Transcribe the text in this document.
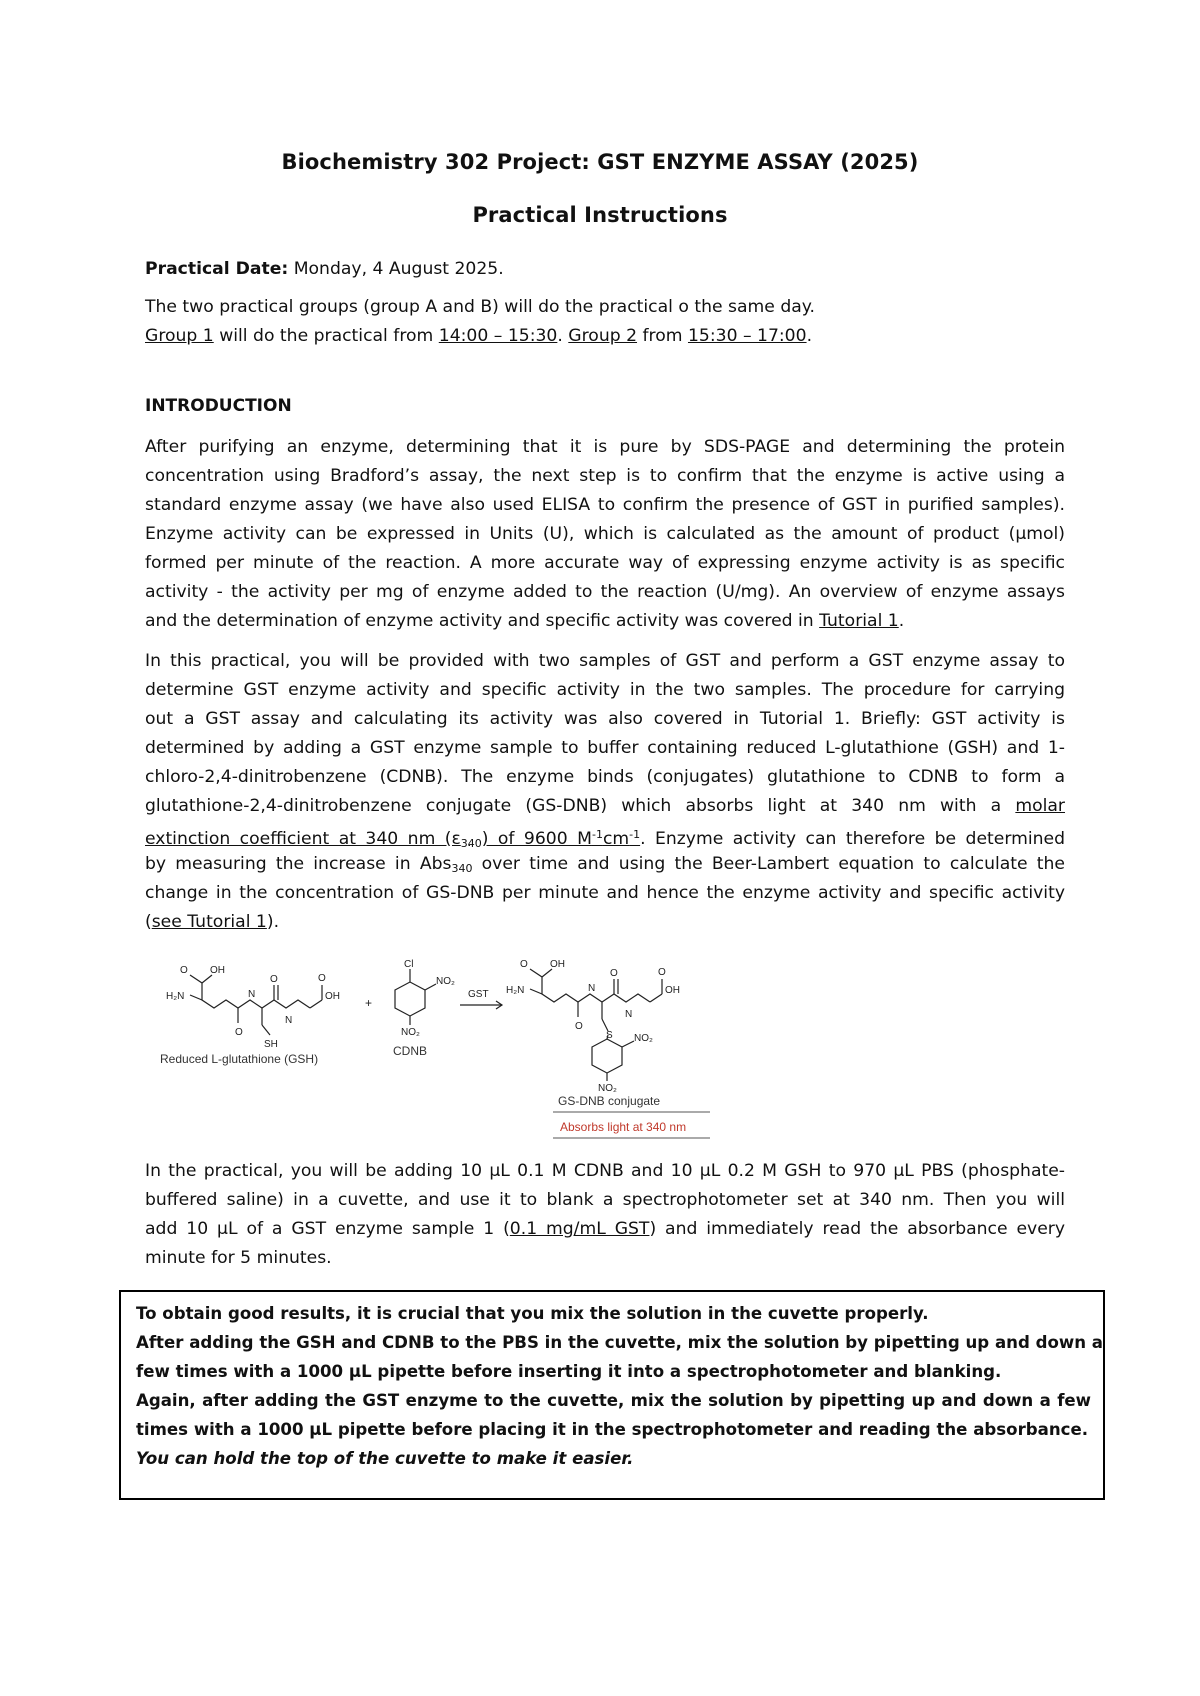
Biochemistry 302 Project: GST ENZYME ASSAY (2025)
Practical Instructions
Practical Date: Monday, 4 August 2025.
The two practical groups (group A and B) will do the practical o the same day.
Group 1 will do the practical from 14:00 – 15:30. Group 2 from 15:30 – 17:00.
INTRODUCTION
After purifying an enzyme, determining that it is pure by SDS-PAGE and determining the protein
concentration using Bradford’s assay, the next step is to confirm that the enzyme is active using a
standard enzyme assay (we have also used ELISA to confirm the presence of GST in purified samples).
Enzyme activity can be expressed in Units (U), which is calculated as the amount of product (µmol)
formed per minute of the reaction. A more accurate way of expressing enzyme activity is as specific
activity - the activity per mg of enzyme added to the reaction (U/mg). An overview of enzyme assays
and the determination of enzyme activity and specific activity was covered in Tutorial 1.
In this practical, you will be provided with two samples of GST and perform a GST enzyme assay to
determine GST enzyme activity and specific activity in the two samples. The procedure for carrying
out a GST assay and calculating its activity was also covered in Tutorial 1. Briefly: GST activity is
determined by adding a GST enzyme sample to buffer containing reduced L-glutathione (GSH) and 1-
chloro-2,4-dinitrobenzene (CDNB). The enzyme binds (conjugates) glutathione to CDNB to form a
glutathione-2,4-dinitrobenzene conjugate (GS-DNB) which absorbs light at 340 nm with a molar
extinction coefficient at 340 nm $(\varepsilon_{340})$ of 9600 $M^{-1}cm^{-1}$. Enzyme activity can therefore be determined
by measuring the increase in Abs$_{340}$ over time and using the Beer-Lambert equation to calculate the
change in the concentration of GS-DNB per minute and hence the enzyme activity and specific activity
(see Tutorial 1).
O OH
H₂N	N
O
O
N
SH
O
OH
Reduced L-glutathione (GSH)
+
Cl
NO₂
NO₂
CDNB
GST
O OH
H₂N	N
O
O
N
S
O
OH
NO₂
NO₂
GS-DNB conjugate
Absorbs light at 340 nm
In the practical, you will be adding 10 µL 0.1 M CDNB and 10 µL 0.2 M GSH to 970 µL PBS (phosphate-
buffered saline) in a cuvette, and use it to blank a spectrophotometer set at 340 nm. Then you will
add 10 µL of a GST enzyme sample 1 (0.1 mg/mL GST) and immediately read the absorbance every
minute for 5 minutes.
To obtain good results, it is crucial that you mix the solution in the cuvette properly.
After adding the GSH and CDNB to the PBS in the cuvette, mix the solution by pipetting up and down a
few times with a 1000 µL pipette before inserting it into a spectrophotometer and blanking.
Again, after adding the GST enzyme to the cuvette, mix the solution by pipetting up and down a few
times with a 1000 µL pipette before placing it in the spectrophotometer and reading the absorbance.
You can hold the top of the cuvette to make it easier.
